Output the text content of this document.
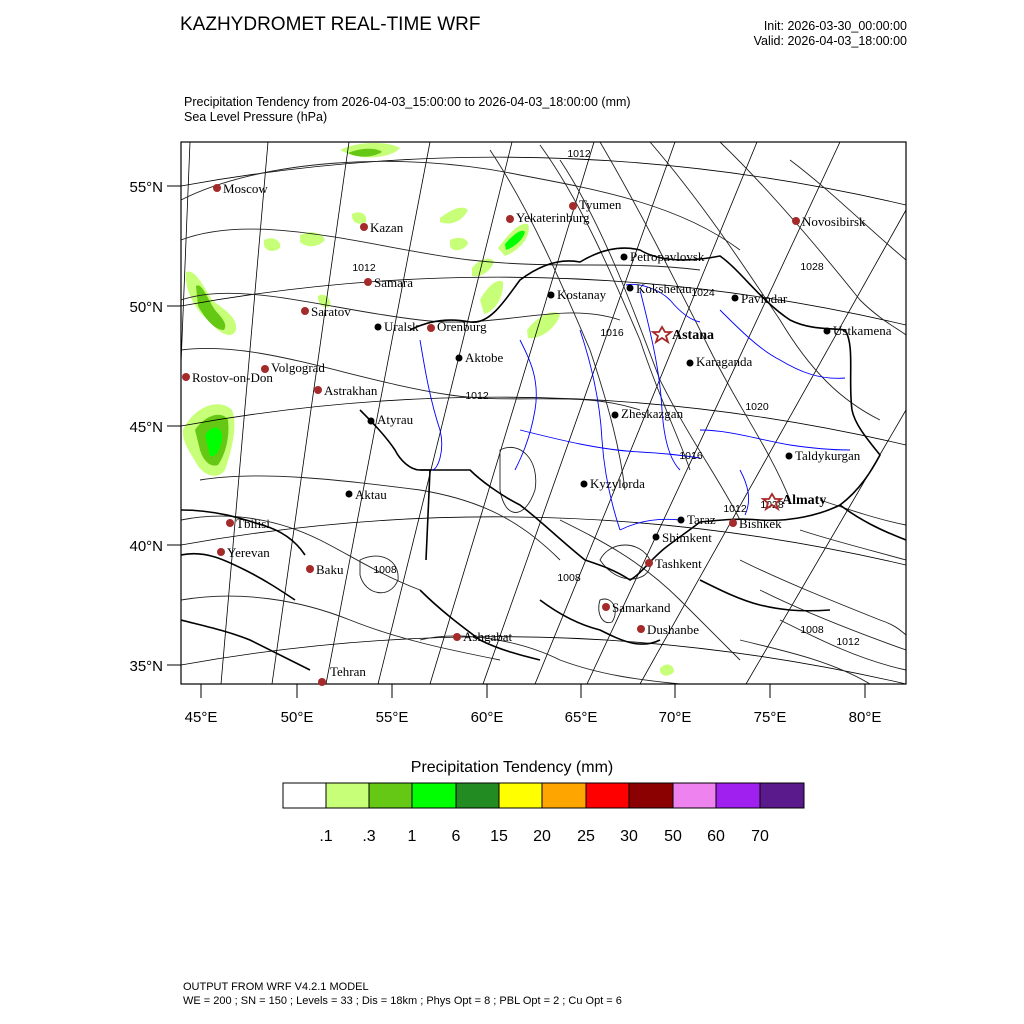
KAZHYDROMET REAL-TIME WRF	Init: 2026-03-30_00:00:00
Valid: 2026-04-03_18:00:00
Precipitation Tendency from 2026-04-03_15:00:00 to 2026-04-03_18:00:00 (mm)
Sea Level Pressure (hPa)
55°N
50°N
45°N
40°N
35°N
45°E	50°E	55°E	60°E	65°E	70°E	75°E	80°E
1012
1012	1028
1024
1016
1012
1020
1016
1012 1028
1008
1008
1008
1012
Moscow
Kazan
Tyumen
Yekaterinburg	Novosibirsk
Petropavlovsk
Samara
Kostanay Kokshetau
Pavlodar
Saratov
Uralsk Orenburg
Astana	Ustkamena
Aktobe
Volgograd	Karaganda
Rostov-on-Don
Astrakhan
Zheskazgan
Atyrau
Taldykurgan
Kyzylorda
Aktau	Almaty
Tbilisi	Taraz Bishkek
Shimkent
Yerevan
Baku	Tashkent
Samarkand
Dushanbe
Ashgabat
Tehran
.1 .3 1 6 15 20 25 30 50 60 70
Precipitation Tendency (mm)
OUTPUT FROM WRF V4.2.1 MODEL
WE = 200 ; SN = 150 ; Levels = 33 ; Dis = 18km ; Phys Opt = 8 ; PBL Opt = 2 ; Cu Opt = 6
